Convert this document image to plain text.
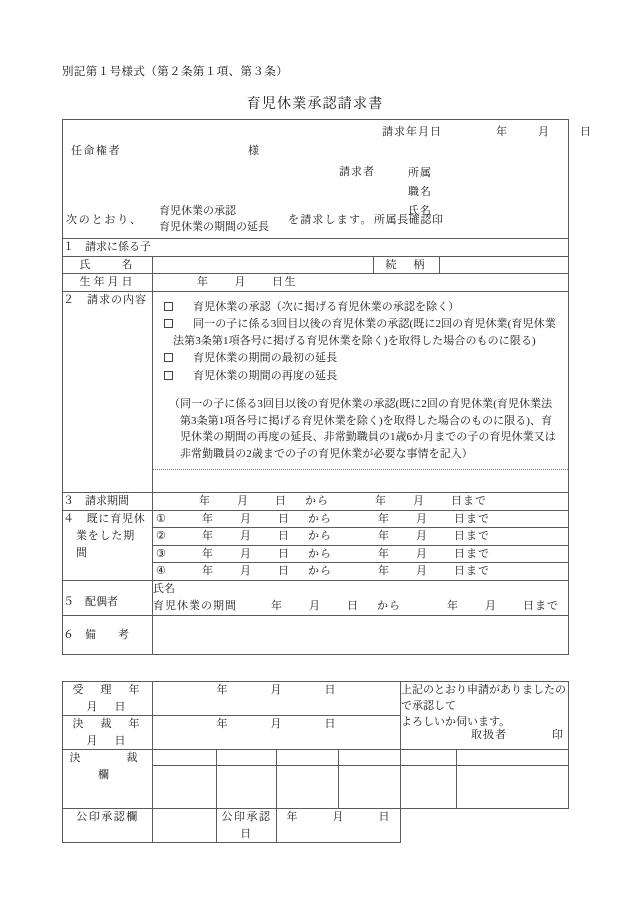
別記第１号様式（第２条第１項、第３条）
育児休業承認請求書
請求年月日	年	月	日
任命権者	様
請求者	所属
職名
氏名
次のとおり、
育児休業の承認
育児休業の期間の延長
を請求します。 所属長確認印

１　請求に係る子			
氏　　名		続　柄	
生年月日	年　　月　　日生		
２　請求の内容	
育児休業の承認（次に掲げる育児休業の承認を除く）
同一の子に係る3回目以後の育児休業の承認(既に2回の育児休業(育児休業
法第3条第1項各号に掲げる育児休業を除く)を取得した場合のものに限る)
育児休業の期間の最初の延長
育児休業の期間の再度の延長
（同一の子に係る3回目以後の育児休業の承認(既に2回の育児休業(育児休業法
第3条第1項各号に掲げる育児休業を除く)を取得した場合のものに限る)、育
児休業の期間の再度の延長、非常勤職員の1歳6か月までの子の育児休業又は
非常勤職員の2歳までの子の育児休業が必要な事情を記入）

３　請求期間	年 月 日 から 年 月 日まで		

４　既に育児休
業をした期
間	① 年 月 日 から 年 月 日まで		
	② 年 月 日 から 年 月 日まで		
	③ 年 月 日 から 年 月 日まで		
	④ 年 月 日 から 年 月 日まで		
５　配偶者	氏名
育児休業の期間 年 月 日 から 年 月 日まで		

６　備　　考			
受　理　年　月　日	年 月 日				上記のとおり申請がありましたので承認して
よろしいか伺います。
取扱者 印	

決　裁　年　月　日	年 月 日					
決　　裁　　欄						

公印承認欄		公印承認日	年 月 日			
